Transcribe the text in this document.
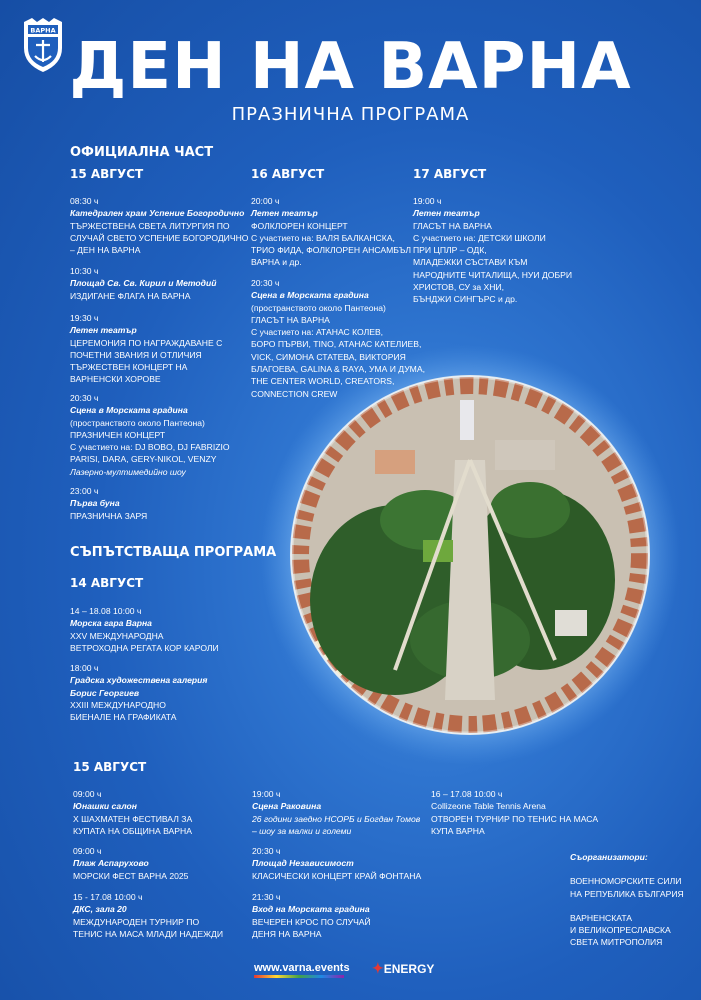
ВАРНА ДЕН НА ВАРНА
ПРАЗНИЧНА ПРОГРАМА
ОФИЦИАЛНА ЧАСТ
15 АВГУСТ	16 АВГУСТ	17 АВГУСТ
08:30 ч
Катедрален храм Успение Богородично
ТЪРЖЕСТВЕНА СВЕТА ЛИТУРГИЯ ПО
СЛУЧАЙ СВЕТО УСПЕНИЕ БОГОРОДИЧНО
– ДЕН НА ВАРНА
10:30 ч
Площад Св. Св. Кирил и Методий
ИЗДИГАНЕ ФЛАГА НА ВАРНА
19:30 ч
Летен театър
ЦЕРЕМОНИЯ ПО НАГРАЖДАВАНЕ С
ПОЧЕТНИ ЗВАНИЯ И ОТЛИЧИЯ
ТЪРЖЕСТВЕН КОНЦЕРТ НА
ВАРНЕНСКИ ХОРОВЕ
20:30 ч
Сцена в Морската градина
(пространството около Пантеона)
ПРАЗНИЧЕН КОНЦЕРТ
С участието на: DJ BOBO, DJ FABRIZIO
PARISI, DARA, GERY-NIKOL, VENZY
Лазерно-мултимедийно шоу
23:00 ч
Първа буна
ПРАЗНИЧНА ЗАРЯ
20:00 ч
Летен театър
ФОЛКЛОРЕН КОНЦЕРТ
С участието на: ВАЛЯ БАЛКАНСКА,
ТРИО ФИДА, ФОЛКЛОРЕН АНСАМБЪЛ
ВАРНА и др.
20:30 ч
Сцена в Морската градина
(пространството около Пантеона)
ГЛАСЪТ НА ВАРНА
С участието на: АТАНАС КОЛЕВ,
БОРО ПЪРВИ, TINO, АТАНАС КАТЕЛИЕВ,
VICK, СИМОНА СТАТЕВА, ВИКТОРИЯ
БЛАГОЕВА, GALINA & RAYA, УМА И ДУМА,
THE CENTER WORLD, CREATORS,
CONNECTION CREW
19:00 ч
Летен театър
ГЛАСЪТ НА ВАРНА
С участието на: ДЕТСКИ ШКОЛИ
ПРИ ЦПЛР – ОДК,
МЛАДЕЖКИ СЪСТАВИ КЪМ
НАРОДНИТЕ ЧИТАЛИЩА, НУИ ДОБРИ
ХРИСТОВ, СУ за ХНИ,
БЪНДЖИ СИНГЪРС и др.
СЪПЪТСТВАЩА ПРОГРАМА
14 АВГУСТ
14 – 18.08 10:00 ч
Морска гара Варна
XXV МЕЖДУНАРОДНА
ВЕТРОХОДНА РЕГАТА КОР КАРОЛИ
18:00 ч
Градска художествена галерия
Борис Георгиев
XXIII МЕЖДУНАРОДНО
БИЕНАЛЕ НА ГРАФИКАТА
15 АВГУСТ
09:00 ч
Юнашки салон
X ШАХМАТЕН ФЕСТИВАЛ ЗА
КУПАТА НА ОБЩИНА ВАРНА
09:00 ч
Плаж Аспарухово
МОРСКИ ФЕСТ ВАРНА 2025
15 - 17.08 10:00 ч
ДКС, зала 20
МЕЖДУНАРОДЕН ТУРНИР ПО
ТЕНИС НА МАСА МЛАДИ НАДЕЖДИ
19:00 ч
Сцена Раковина
26 години заедно НСОРБ и Богдан Томов
– шоу за малки и големи
20:30 ч
Площад Независимост
КЛАСИЧЕСКИ КОНЦЕРТ КРАЙ ФОНТАНА
21:30 ч
Вход на Морската градина
ВЕЧЕРЕН КРОС ПО СЛУЧАЙ
ДЕНЯ НА ВАРНА
16 – 17.08 10:00 ч
Collizeone Table Tennis Arena
ОТВОРЕН ТУРНИР ПО ТЕНИС НА МАСА
КУПА ВАРНА
Съорганизатори:
ВОЕННОМОРСКИТЕ СИЛИ
НА РЕПУБЛИКА БЪЛГАРИЯ
ВАРНЕНСКАТА
И ВЕЛИКОПРЕСЛАВСКА
СВЕТА МИТРОПОЛИЯ
www.varna.events ✦ENERGY
